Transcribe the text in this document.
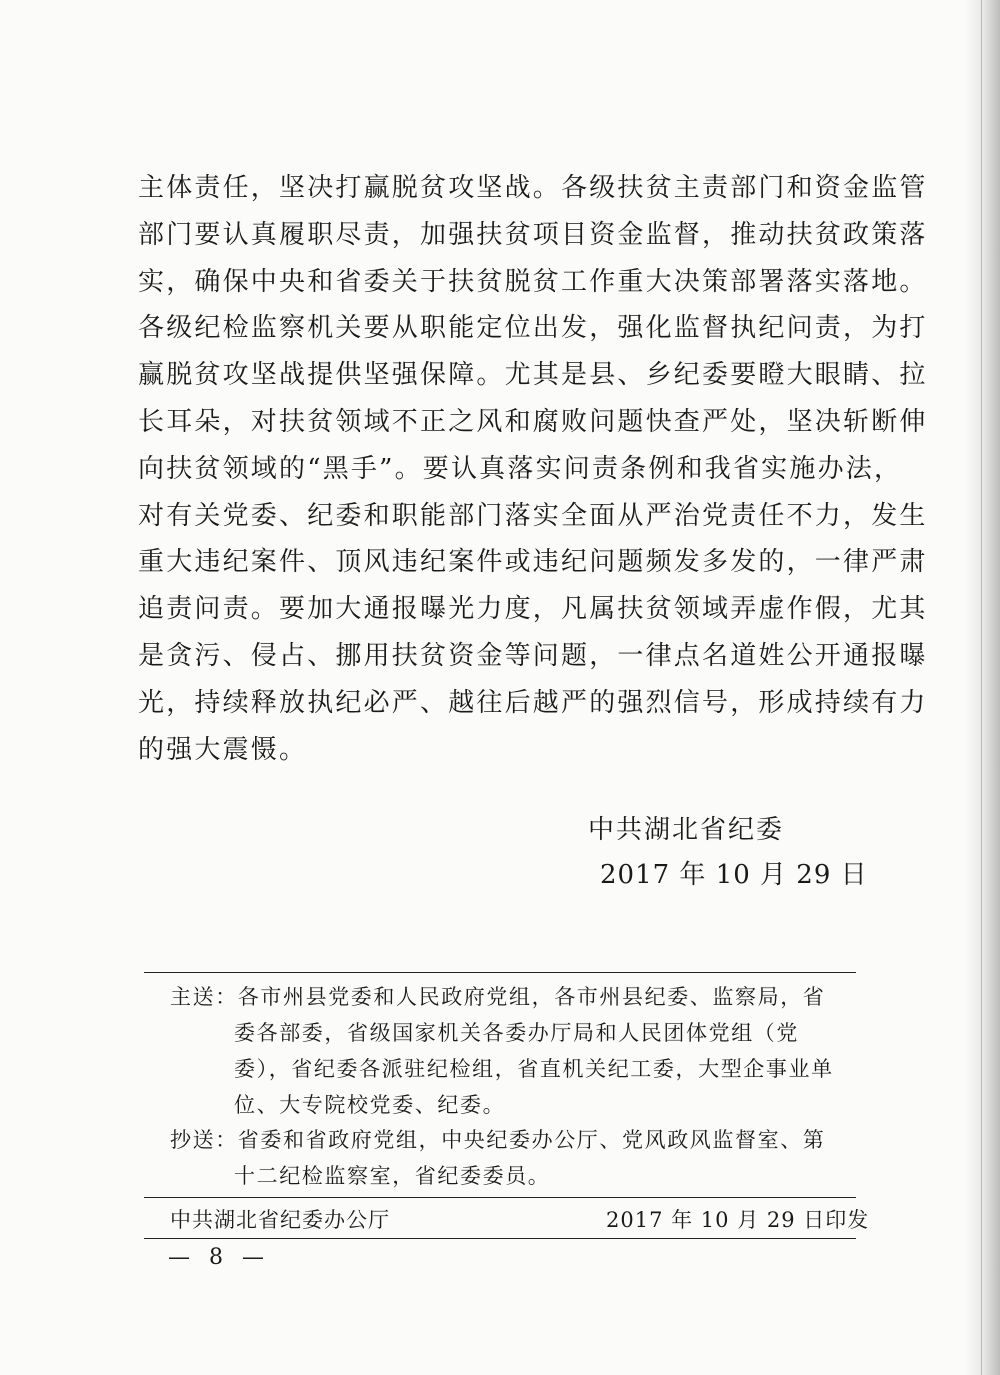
主体责任，坚决打赢脱贫攻坚战。各级扶贫主责部门和资金监管
部门要认真履职尽责，加强扶贫项目资金监督，推动扶贫政策落
实，确保中央和省委关于扶贫脱贫工作重大决策部署落实落地。
各级纪检监察机关要从职能定位出发，强化监督执纪问责，为打
赢脱贫攻坚战提供坚强保障。尤其是县、乡纪委要瞪大眼睛、拉
长耳朵，对扶贫领域不正之风和腐败问题快查严处，坚决斩断伸
向扶贫领域的“黑手”。要认真落实问责条例和我省实施办法，
对有关党委、纪委和职能部门落实全面从严治党责任不力，发生
重大违纪案件、顶风违纪案件或违纪问题频发多发的，一律严肃
追责问责。要加大通报曝光力度，凡属扶贫领域弄虚作假，尤其
是贪污、侵占、挪用扶贫资金等问题，一律点名道姓公开通报曝
光，持续释放执纪必严、越往后越严的强烈信号，形成持续有力
的强大震慑。
中共湖北省纪委
2017 年 10 月 29 日
主送：各市州县党委和人民政府党组，各市州县纪委、监察局，省
委各部委，省级国家机关各委办厅局和人民团体党组（党
委），省纪委各派驻纪检组，省直机关纪工委，大型企事业单
位、大专院校党委、纪委。
抄送：省委和省政府党组，中央纪委办公厅、党风政风监督室、第
十二纪检监察室，省纪委委员。
中共湖北省纪委办公厅	2017 年 10 月 29 日印发
— 8 —
